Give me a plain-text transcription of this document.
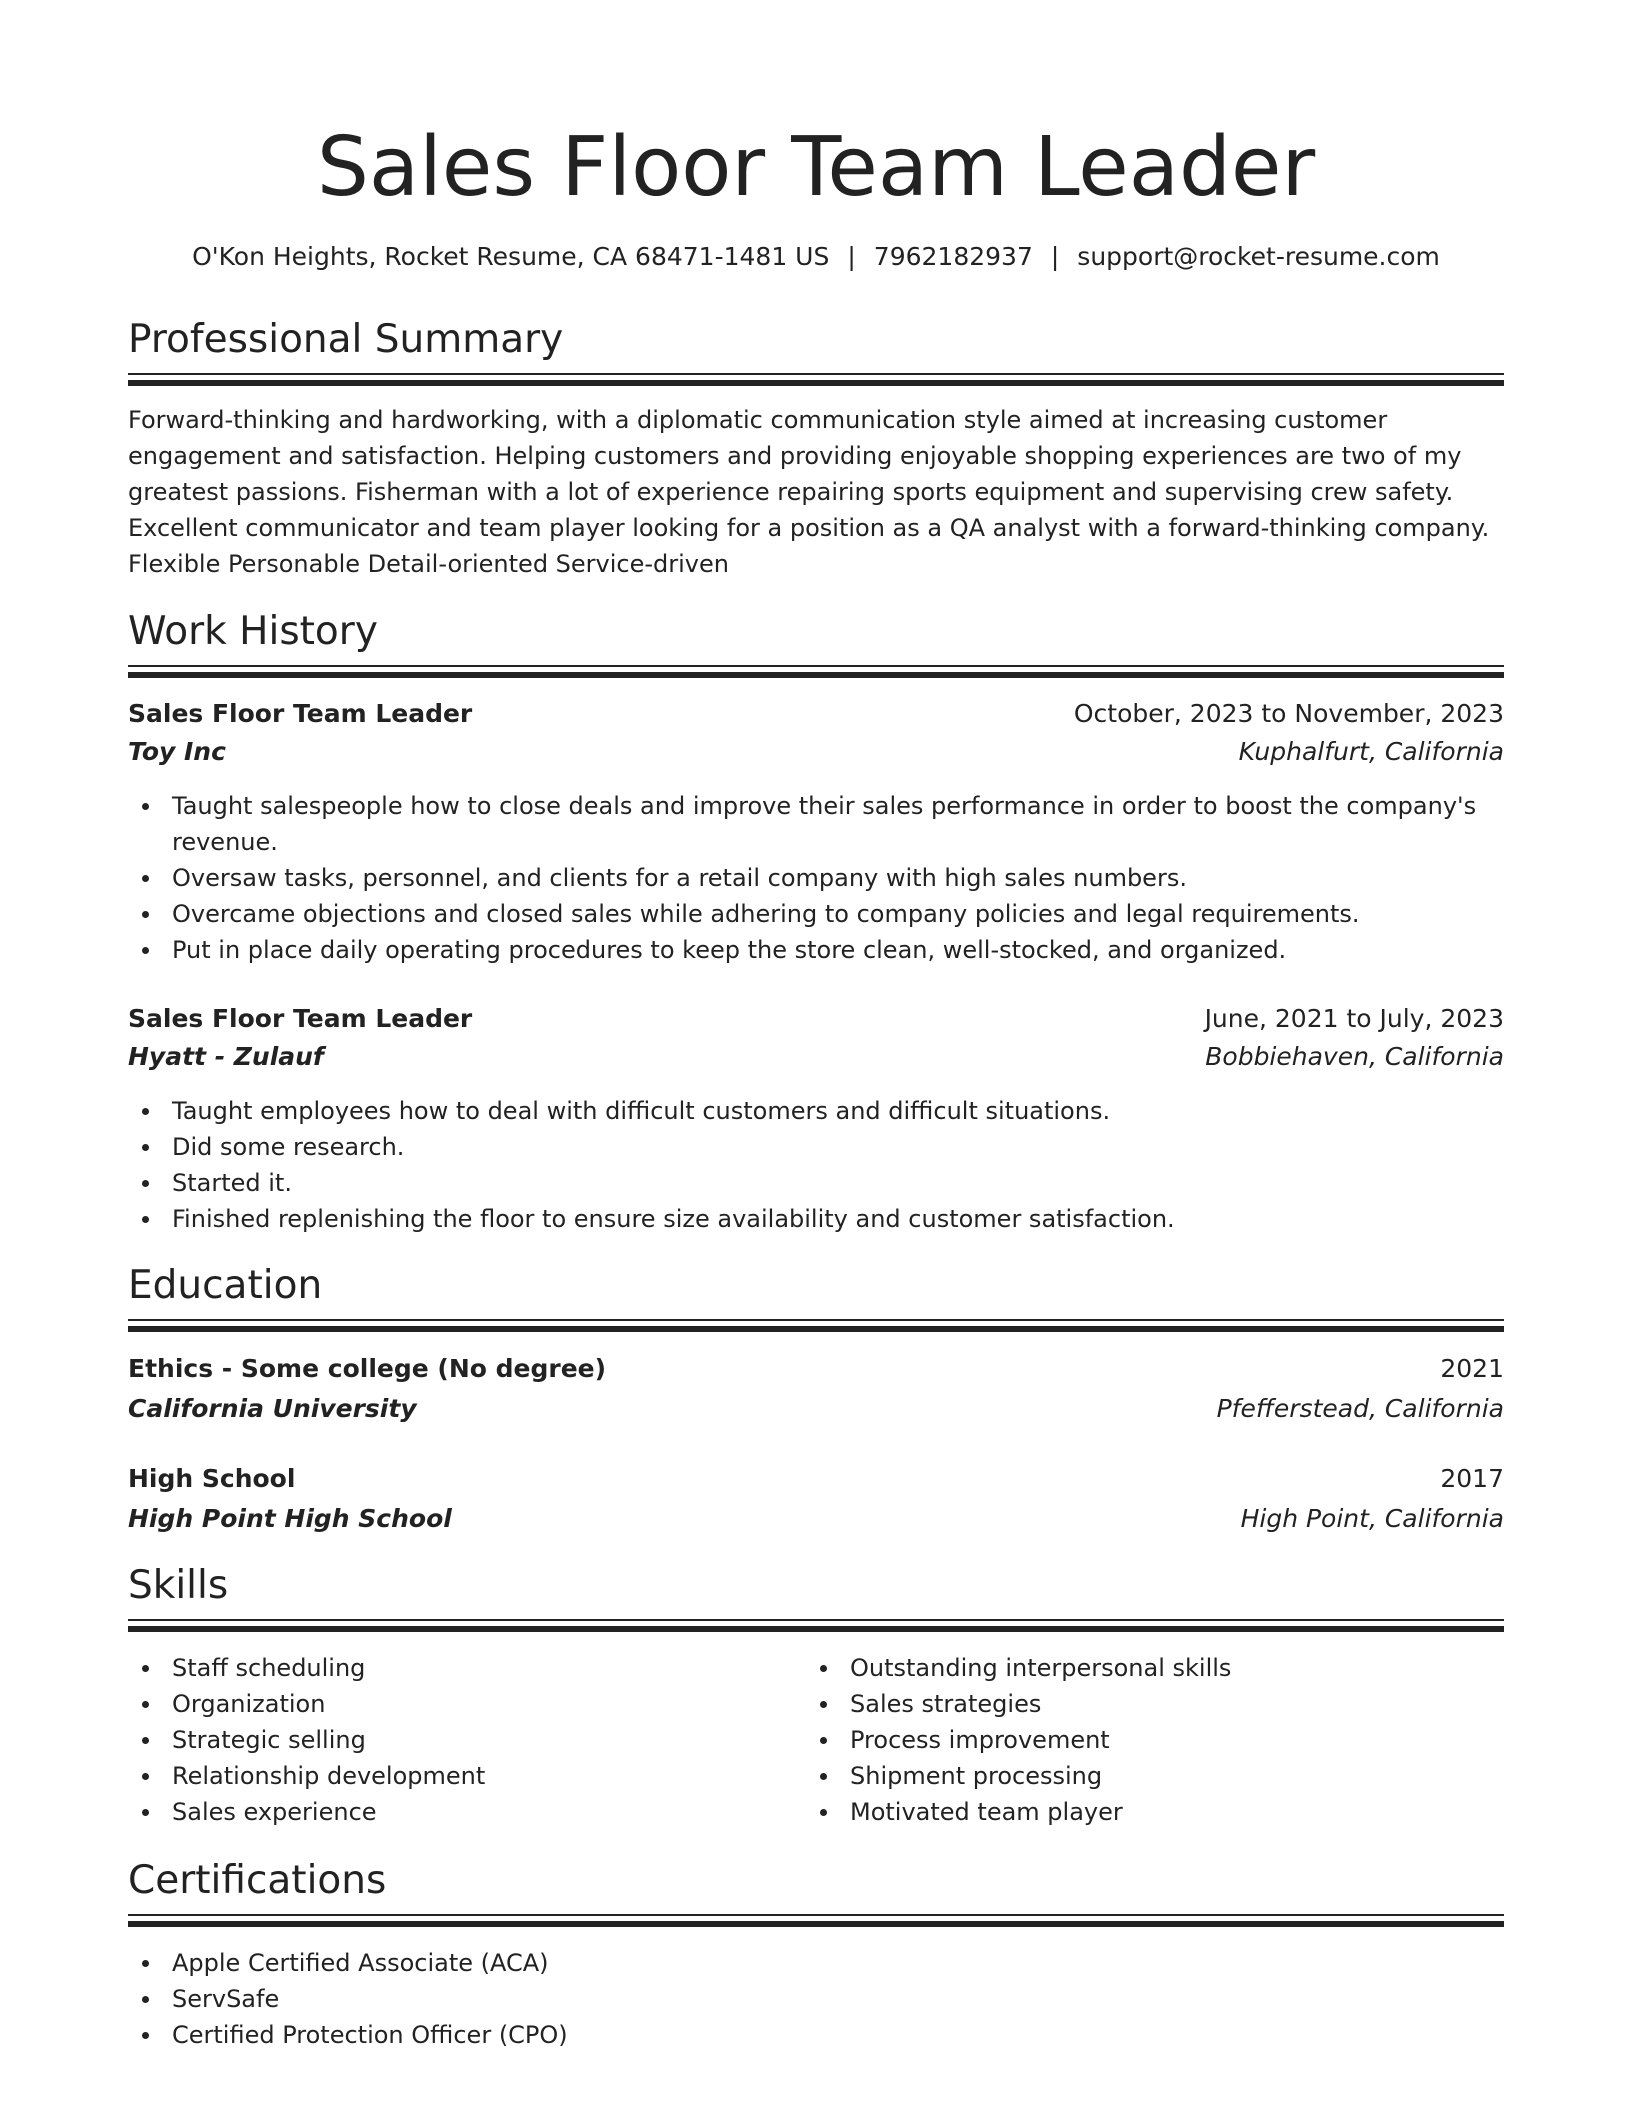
Sales Floor Team Leader
O'Kon Heights, Rocket Resume, CA 68471-1481 US | 7962182937 | support@rocket-resume.com
Professional Summary

Forward-thinking and hardworking, with a diplomatic communication style aimed at increasing customer engagement and satisfaction. Helping customers and providing enjoyable shopping experiences are two of my greatest passions. Fisherman with a lot of experience repairing sports equipment and supervising crew safety. Excellent communicator and team player looking for a position as a QA analyst with a forward-thinking company. Flexible Personable Detail-oriented Service-driven

Work History
Sales Floor Team Leader	October, 2023 to November, 2023
Toy Inc	Kuphalfurt, California
Taught salespeople how to close deals and improve their sales performance in order to boost the company's revenue.
Oversaw tasks, personnel, and clients for a retail company with high sales numbers.
Overcame objections and closed sales while adhering to company policies and legal requirements.
Put in place daily operating procedures to keep the store clean, well-stocked, and organized.
Sales Floor Team Leader	June, 2021 to July, 2023
Hyatt - Zulauf	Bobbiehaven, California
Taught employees how to deal with difficult customers and difficult situations.
Did some research.
Started it.
Finished replenishing the floor to ensure size availability and customer satisfaction.
Education
Ethics - Some college (No degree)	2021
California University	Pfefferstead, California
High School	2017
High Point High School	High Point, California
Skills
Staff scheduling
Organization
Strategic selling
Relationship development
Sales experience
Outstanding interpersonal skills
Sales strategies
Process improvement
Shipment processing
Motivated team player
Certifications
Apple Certified Associate (ACA)
ServSafe
Certified Protection Officer (CPO)
